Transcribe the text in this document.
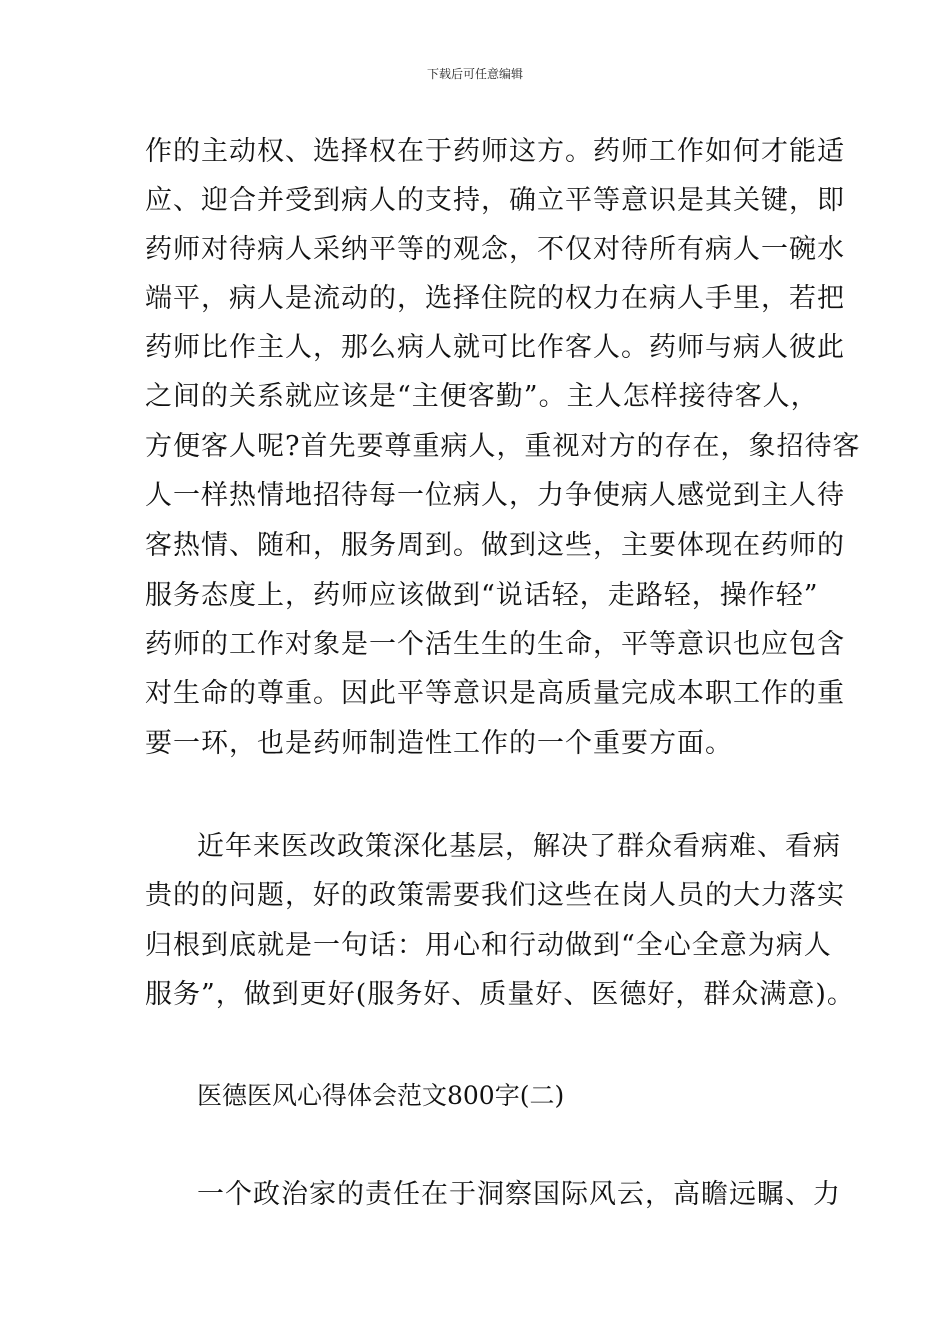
下载后可任意编辑
作的主动权、选择权在于药师这方。药师工作如何才能适
应、迎合并受到病人的支持，确立平等意识是其关键，即
药师对待病人采纳平等的观念，不仅对待所有病人一碗水
端平，病人是流动的，选择住院的权力在病人手里，若把
药师比作主人，那么病人就可比作客人。药师与病人彼此
之间的关系就应该是“主便客勤”。主人怎样接待客人，
方便客人呢?首先要尊重病人，重视对方的存在，象招待客
人一样热情地招待每一位病人，力争使病人感觉到主人待
客热情、随和，服务周到。做到这些，主要体现在药师的
服务态度上，药师应该做到“说话轻，走路轻，操作轻”
药师的工作对象是一个活生生的生命，平等意识也应包含
对生命的尊重。因此平等意识是高质量完成本职工作的重
要一环，也是药师制造性工作的一个重要方面。
近年来医改政策深化基层，解决了群众看病难、看病
贵的的问题，好的政策需要我们这些在岗人员的大力落实
归根到底就是一句话：用心和行动做到“全心全意为病人
服务”，做到更好(服务好、质量好、医德好，群众满意)。
医德医风心得体会范文800字(二)
一个政治家的责任在于洞察国际风云，高瞻远瞩、力
